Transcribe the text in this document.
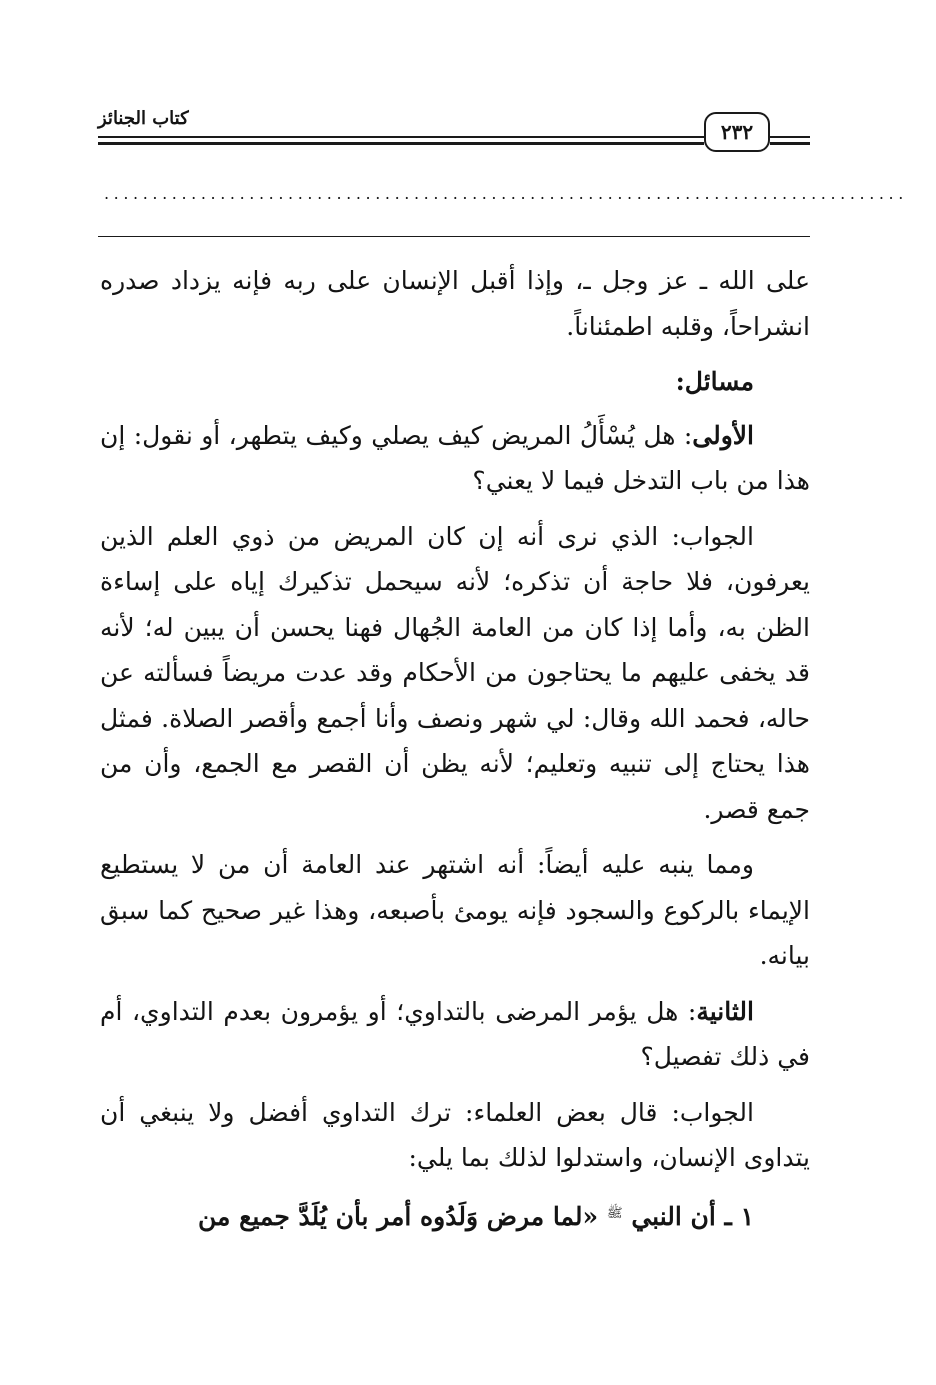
٢٣٢
كتاب الجنائز
...................................................................................

على الله ـ عز وجل ـ، وإذا أقبل الإنسان على ربه فإنه يزداد صدره انشراحاً، وقلبه اطمئناناً.

مسائل:

الأولى: هل يُسْأَلُ المريض كيف يصلي وكيف يتطهر، أو نقول: إن هذا من باب التدخل فيما لا يعني؟

الجواب: الذي نرى أنه إن كان المريض من ذوي العلم الذين يعرفون، فلا حاجة أن تذكره؛ لأنه سيحمل تذكيرك إياه على إساءة الظن به، وأما إذا كان من العامة الجُهال فهنا يحسن أن يبين له؛ لأنه قد يخفى عليهم ما يحتاجون من الأحكام وقد عدت مريضاً فسألته عن حاله، فحمد الله وقال: لي شهر ونصف وأنا أجمع وأقصر الصلاة. فمثل هذا يحتاج إلى تنبيه وتعليم؛ لأنه يظن أن القصر مع الجمع، وأن من جمع قصر.

ومما ينبه عليه أيضاً: أنه اشتهر عند العامة أن من لا يستطيع الإيماء بالركوع والسجود فإنه يومئ بأصبعه، وهذا غير صحيح كما سبق بيانه.

الثانية: هل يؤمر المرضى بالتداوي؛ أو يؤمرون بعدم التداوي، أم في ذلك تفصيل؟

الجواب: قال بعض العلماء: ترك التداوي أفضل ولا ينبغي أن يتداوى الإنسان، واستدلوا لذلك بما يلي:

١ ـ أن النبي $^ﷺ$ «لما مرض وَلَدُوه أمر بأن يُلَدَّ جميع من
